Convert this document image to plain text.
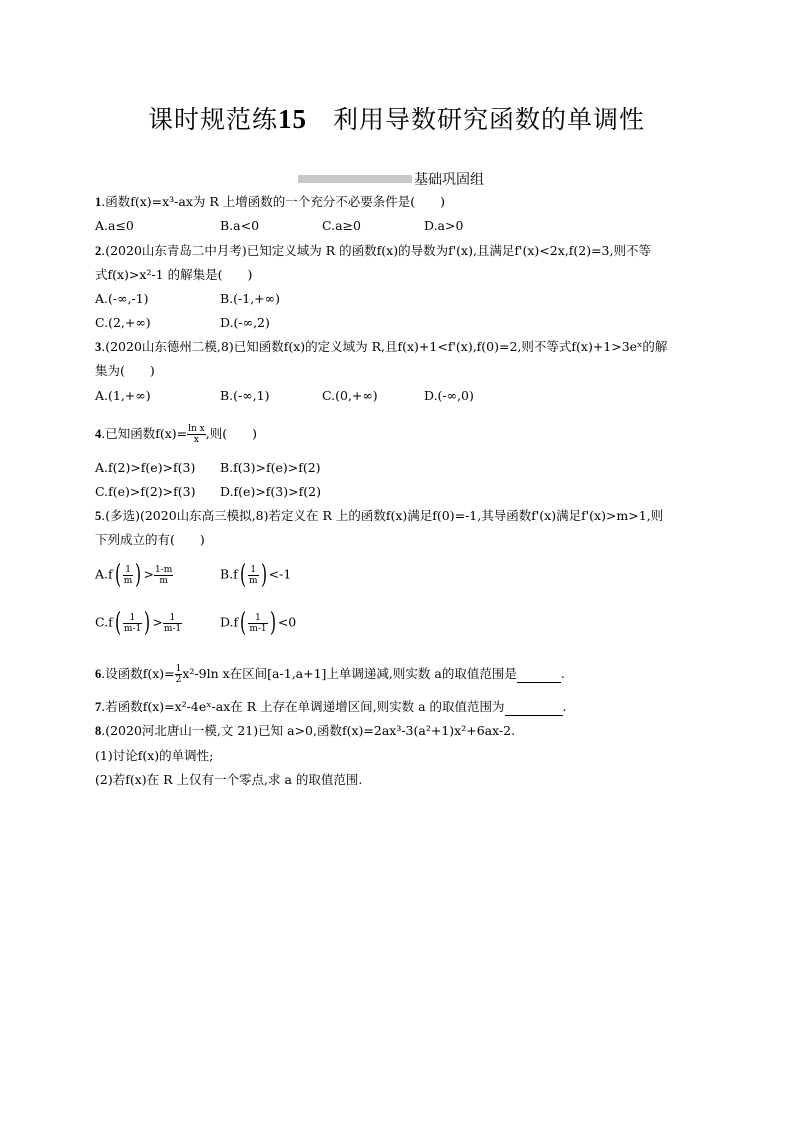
课时规范练15  利用导数研究函数的单调性
基础巩固组
1.函数f(x)=x³-ax为 R 上增函数的一个充分不必要条件是(　　)
A.a≤0	B.a<0	C.a≥0	D.a>0
2.(2020山东青岛二中月考)已知定义域为 R 的函数f(x)的导数为f'(x),且满足f'(x)<2x,f(2)=3,则不等
式f(x)>x²-1 的解集是(　　)
A.(-∞,-1)	B.(-1,+∞)
C.(2,+∞)	D.(-∞,2)
3.(2020山东德州二模,8)已知函数f(x)的定义域为 R,且f(x)+1<f'(x),f(0)=2,则不等式f(x)+1>3eˣ的解
集为(　　)
A.(1,+∞)	B.(-∞,1)	C.(0,+∞)	D.(-∞,0)
4.已知函数$f(x)= \frac{\text{ln x}}{x}$ ,则(　　)
A.f(2)>f(e)>f(3) B.f(3)>f(e)>f(2)
C.f(e)>f(2)>f(3) D.f(e)>f(3)>f(2)
5.(多选)(2020山东高三模拟,8)若定义在 R 上的函数f(x)满足f(0)=-1,其导函数f'(x)满足f'(x)>m>1,则
下列成立的有(　　)
$A.f( \frac{1}{m}$ ) > $\frac{1-m}{m}$	$B.f( \frac{1}{m}$ ) <-1
$C.f( \frac{1}{m-1}$ ) > $\frac{1}{m-1}$	$D.f( \frac{1}{m-1}$ ) <0
6.设函数$f(x)= \frac{1}{2} x^2-9\ln$ x在区间[a-1,a+1]上单调递减,则实数 a的取值范围是	.
7.若函数f(x)=x²-4eˣ-ax在 R 上存在单调递增区间,则实数 a 的取值范围为	.
8.(2020河北唐山一模,文 21)已知 a>0,函数f(x)=2ax³-3(a²+1)x²+6ax-2.
(1)讨论f(x)的单调性;
(2)若f(x)在 R 上仅有一个零点,求 a 的取值范围.
